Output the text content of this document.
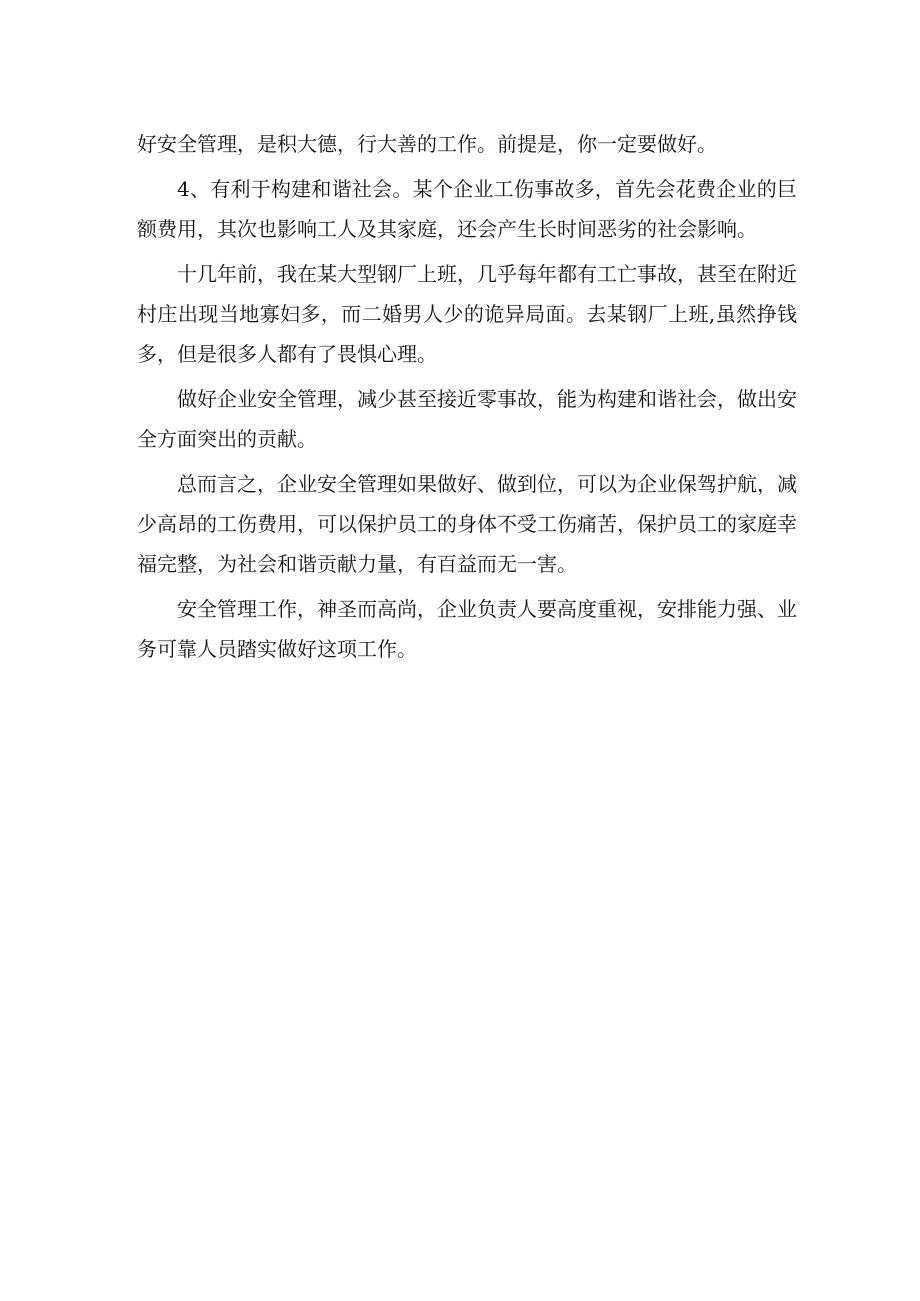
好安全管理，是积大德，行大善的工作。前提是，你一定要做好。

4、有利于构建和谐社会。某个企业工伤事故多，首先会花费企业的巨额费用，其次也影响工人及其家庭，还会产生长时间恶劣的社会影响。

十几年前，我在某大型钢厂上班，几乎每年都有工亡事故，甚至在附近村庄出现当地寡妇多，而二婚男人少的诡异局面。去某钢厂上班,虽然挣钱多，但是很多人都有了畏惧心理。

做好企业安全管理，减少甚至接近零事故，能为构建和谐社会，做出安全方面突出的贡献。

总而言之，企业安全管理如果做好、做到位，可以为企业保驾护航，减少高昂的工伤费用，可以保护员工的身体不受工伤痛苦，保护员工的家庭幸福完整，为社会和谐贡献力量，有百益而无一害。

安全管理工作，神圣而高尚，企业负责人要高度重视，安排能力强、业务可靠人员踏实做好这项工作。
